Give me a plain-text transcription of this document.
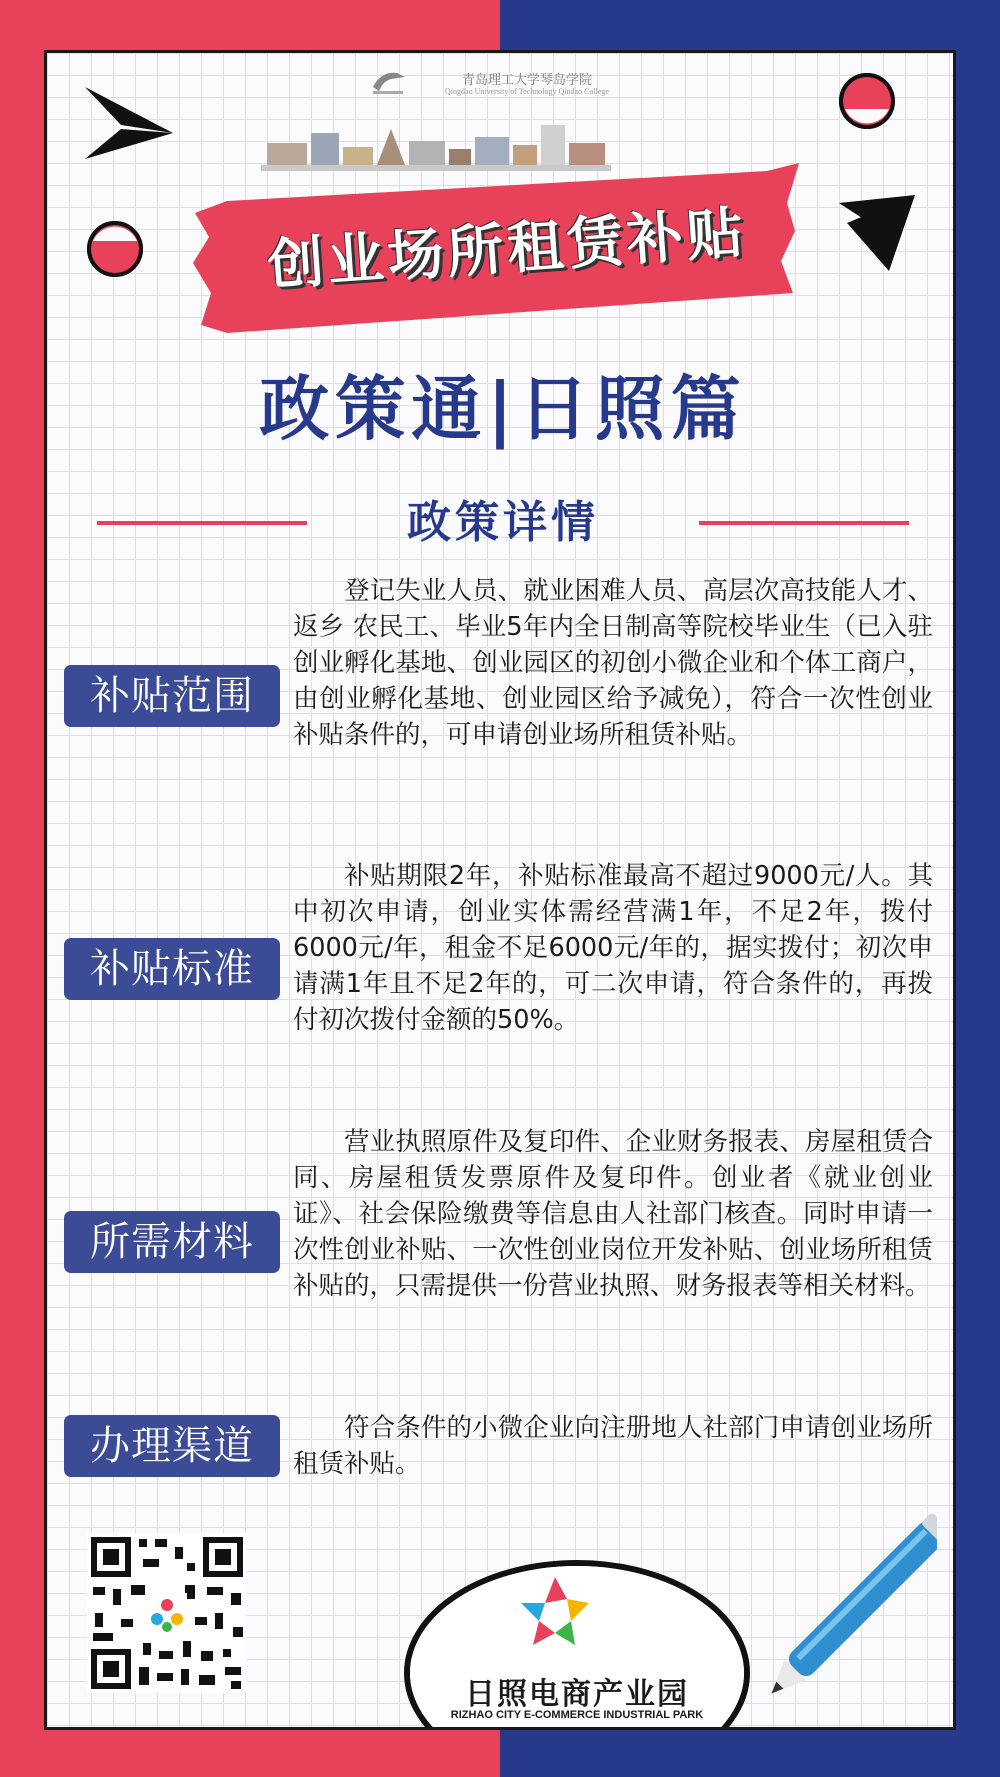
青岛理工大学琴岛学院
Qingdao University of Technology Qindao College
创业场所租赁补贴
政策通|日照篇
政策详情
补贴范围
登记失业人员、就业困难人员、高层次高技能人才、返乡 农民工、毕业5年内全日制高等院校毕业生（已入驻创业孵化基地、创业园区的初创小微企业和个体工商户，由创业孵化基地、创业园区给予减免），符合一次性创业补贴条件的，可申请创业场所租赁补贴。
补贴标准
补贴期限2年，补贴标准最高不超过9000元/人。其中初次申请，创业实体需经营满1年，不足2年，拨付6000元/年，租金不足6000元/年的，据实拨付；初次申请满1年且不足2年的，可二次申请，符合条件的，再拨付初次拨付金额的50%。
所需材料
营业执照原件及复印件、企业财务报表、房屋租赁合同、房屋租赁发票原件及复印件。创业者《就业创业证》、社会保险缴费等信息由人社部门核查。同时申请一次性创业补贴、一次性创业岗位开发补贴、创业场所租赁补贴的，只需提供一份营业执照、财务报表等相关材料。
办理渠道	符合条件的小微企业向注册地人社部门申请创业场所租赁补贴。
日照电商产业园
RIZHAO CITY E-COMMERCE INDUSTRIAL PARK
